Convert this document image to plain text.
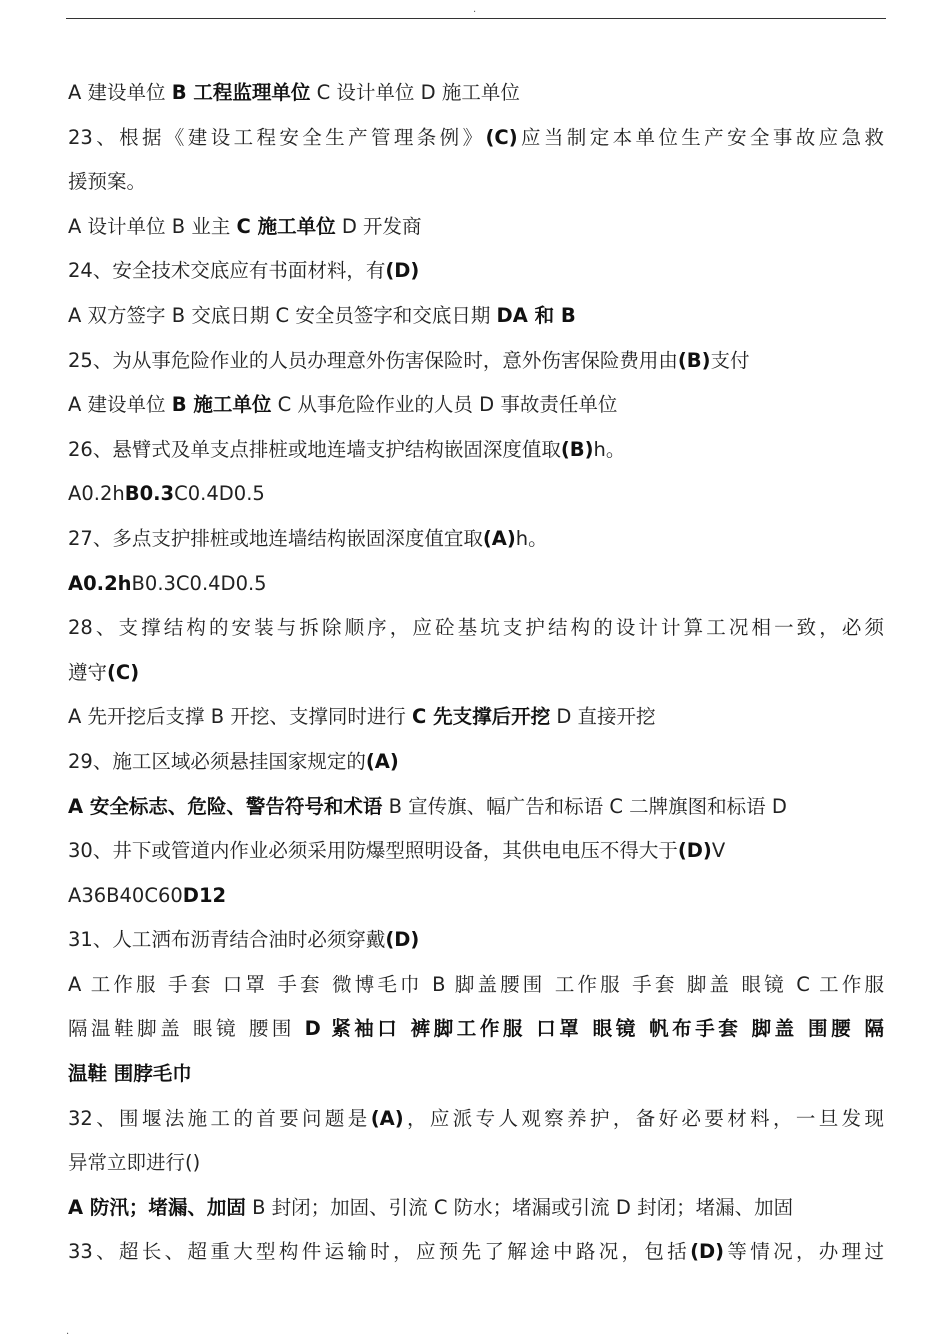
.
A 建设单位 B 工程监理单位 C 设计单位 D 施工单位
23、根据《建设工程安全生产管理条例》(C)应当制定本单位生产安全事故应急救
援预案。
A 设计单位 B 业主 C 施工单位 D 开发商
24、安全技术交底应有书面材料，有(D)
A 双方签字 B 交底日期 C 安全员签字和交底日期 DA 和 B
25、为从事危险作业的人员办理意外伤害保险时，意外伤害保险费用由(B)支付
A 建设单位 B 施工单位 C 从事危险作业的人员 D 事故责任单位
26、悬臂式及单支点排桩或地连墙支护结构嵌固深度值取(B)h。
A0.2hB0.3C0.4D0.5
27、多点支护排桩或地连墙结构嵌固深度值宜取(A)h。
A0.2hB0.3C0.4D0.5
28、支撑结构的安装与拆除顺序，应砼基坑支护结构的设计计算工况相一致，必须
遵守(C)
A 先开挖后支撑 B 开挖、支撑同时进行 C 先支撑后开挖 D 直接开挖
29、施工区域必须悬挂国家规定的(A)
A 安全标志、危险、警告符号和术语 B 宣传旗、幅广告和标语 C 二牌旗图和标语 D
30、井下或管道内作业必须采用防爆型照明设备，其供电电压不得大于(D)V
A36B40C60D12
31、人工洒布沥青结合油时必须穿戴(D)
A 工作服 手套 口罩 手套 微博毛巾 B 脚盖腰围 工作服 手套 脚盖 眼镜 C 工作服
隔温鞋脚盖 眼镜 腰围 D 紧袖口 裤脚工作服 口罩 眼镜 帆布手套 脚盖 围腰 隔
温鞋 围脖毛巾
32、围堰法施工的首要问题是(A)，应派专人观察养护，备好必要材料，一旦发现
异常立即进行()
A 防汛；堵漏、加固 B 封闭；加固、引流 C 防水；堵漏或引流 D 封闭；堵漏、加固
33、超长、超重大型构件运输时，应预先了解途中路况，包括(D)等情况，办理过
.
